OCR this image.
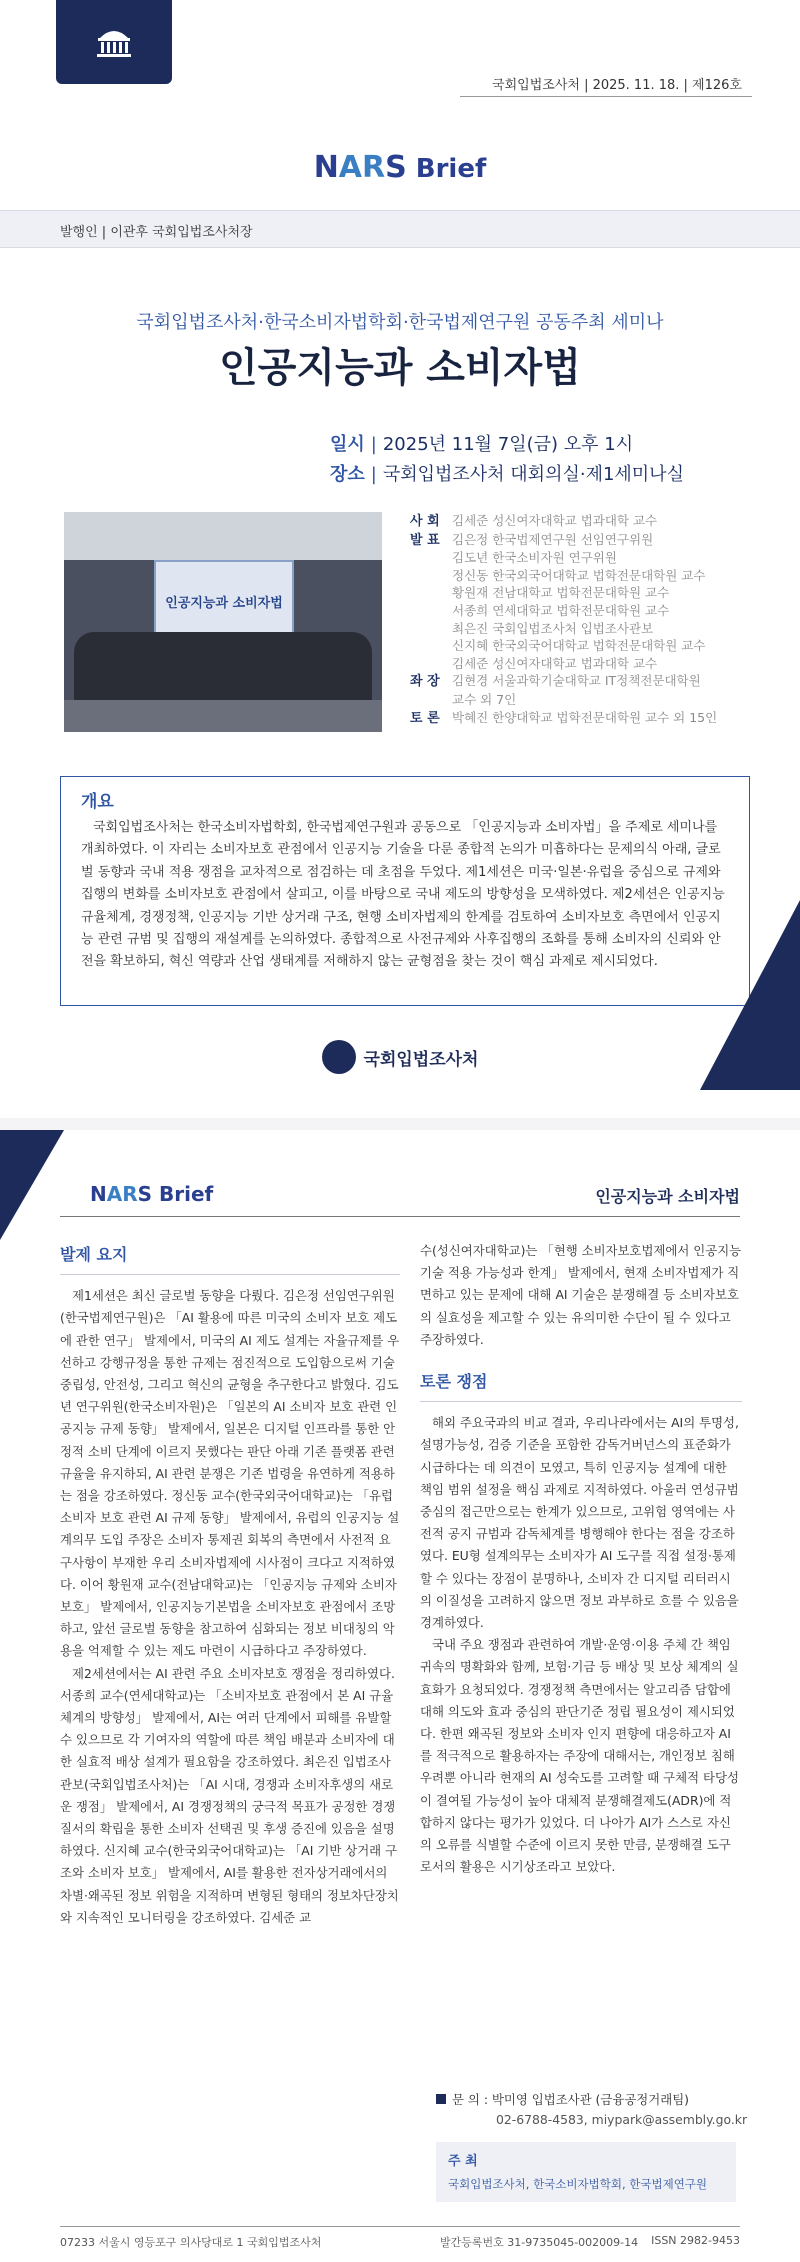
국회입법조사처 | 2025. 11. 18. | 제126호
NARS Brief
발행인 | 이관후 국회입법조사처장
국회입법조사처·한국소비자법학회·한국법제연구원 공동주최 세미나
인공지능과 소비자법
일시 | 2025년 11월 7일(금) 오후 1시
장소 | 국회입법조사처 대회의실·제1세미나실
인공지능과 소비자법
사 회 김세준 성신여자대학교 법과대학 교수
발 표 김은정 한국법제연구원 선임연구위원
김도년 한국소비자원 연구위원
정신동 한국외국어대학교 법학전문대학원 교수
황원재 전남대학교 법학전문대학원 교수
서종희 연세대학교 법학전문대학원 교수
최은진 국회입법조사처 입법조사관보
신지혜 한국외국어대학교 법학전문대학원 교수
김세준 성신여자대학교 법과대학 교수
좌 장 김현경 서울과학기술대학교 IT정책전문대학원
교수 외 7인
토 론 박혜진 한양대학교 법학전문대학원 교수 외 15인
개요

국회입법조사처는 한국소비자법학회, 한국법제연구원과 공동으로 「인공지능과 소비자법」을 주제로 세미나를 개최하였다. 이 자리는 소비자보호 관점에서 인공지능 기술을 다룬 종합적 논의가 미흡하다는 문제의식 아래, 글로벌 동향과 국내 적용 쟁점을 교차적으로 점검하는 데 초점을 두었다. 제1세션은 미국·일본·유럽을 중심으로 규제와 집행의 변화를 소비자보호 관점에서 살피고, 이를 바탕으로 국내 제도의 방향성을 모색하였다. 제2세션은 인공지능 규율체계, 경쟁정책, 인공지능 기반 상거래 구조, 현행 소비자법제의 한계를 검토하여 소비자보호 측면에서 인공지능 관련 규범 및 집행의 재설계를 논의하였다. 종합적으로 사전규제와 사후집행의 조화를 통해 소비자의 신뢰와 안전을 확보하되, 혁신 역량과 산업 생태계를 저해하지 않는 균형점을 찾는 것이 핵심 과제로 제시되었다.

국회입법조사처
NARS Brief	인공지능과 소비자법
발제 요지

제1세션은 최신 글로벌 동향을 다뤘다. 김은정 선임연구위원(한국법제연구원)은 「AI 활용에 따른 미국의 소비자 보호 제도에 관한 연구」 발제에서, 미국의 AI 제도 설계는 자율규제를 우선하고 강행규정을 통한 규제는 점진적으로 도입함으로써 기술중립성, 안전성, 그리고 혁신의 균형을 추구한다고 밝혔다. 김도년 연구위원(한국소비자원)은 「일본의 AI 소비자 보호 관련 인공지능 규제 동향」 발제에서, 일본은 디지털 인프라를 통한 안정적 소비 단계에 이르지 못했다는 판단 아래 기존 플랫폼 관련 규율을 유지하되, AI 관련 분쟁은 기존 법령을 유연하게 적용하는 점을 강조하였다. 정신동 교수(한국외국어대학교)는 「유럽 소비자 보호 관련 AI 규제 동향」 발제에서, 유럽의 인공지능 설계의무 도입 주장은 소비자 통제권 회복의 측면에서 사전적 요구사항이 부재한 우리 소비자법제에 시사점이 크다고 지적하였다. 이어 황원재 교수(전남대학교)는 「인공지능 규제와 소비자 보호」 발제에서, 인공지능기본법을 소비자보호 관점에서 조망하고, 앞선 글로벌 동향을 참고하여 심화되는 정보 비대칭의 악용을 억제할 수 있는 제도 마련이 시급하다고 주장하였다.

제2세션에서는 AI 관련 주요 소비자보호 쟁점을 정리하였다. 서종희 교수(연세대학교)는 「소비자보호 관점에서 본 AI 규율체계의 방향성」 발제에서, AI는 여러 단계에서 피해를 유발할 수 있으므로 각 기여자의 역할에 따른 책임 배분과 소비자에 대한 실효적 배상 설계가 필요함을 강조하였다. 최은진 입법조사관보(국회입법조사처)는 「AI 시대, 경쟁과 소비자후생의 새로운 쟁점」 발제에서, AI 경쟁정책의 궁극적 목표가 공정한 경쟁질서의 확립을 통한 소비자 선택권 및 후생 증진에 있음을 설명하였다. 신지혜 교수(한국외국어대학교)는 「AI 기반 상거래 구조와 소비자 보호」 발제에서, AI를 활용한 전자상거래에서의 차별·왜곡된 정보 위험을 지적하며 변형된 형태의 정보차단장치와 지속적인 모니터링을 강조하였다. 김세준 교

수(성신여자대학교)는 「현행 소비자보호법제에서 인공지능 기술 적용 가능성과 한계」 발제에서, 현재 소비자법제가 직면하고 있는 문제에 대해 AI 기술은 분쟁해결 등 소비자보호의 실효성을 제고할 수 있는 유의미한 수단이 될 수 있다고 주장하였다.

토론 쟁점

해외 주요국과의 비교 결과, 우리나라에서는 AI의 투명성, 설명가능성, 검증 기준을 포함한 감독거버넌스의 표준화가 시급하다는 데 의견이 모였고, 특히 인공지능 설계에 대한 책임 범위 설정을 핵심 과제로 지적하였다. 아울러 연성규범 중심의 접근만으로는 한계가 있으므로, 고위험 영역에는 사전적 공지 규범과 감독체계를 병행해야 한다는 점을 강조하였다. EU형 설계의무는 소비자가 AI 도구를 직접 설정·통제할 수 있다는 장점이 분명하나, 소비자 간 디지털 리터러시의 이질성을 고려하지 않으면 정보 과부하로 흐를 수 있음을 경계하였다.

국내 주요 쟁점과 관련하여 개발·운영·이용 주체 간 책임 귀속의 명확화와 함께, 보험·기금 등 배상 및 보상 체계의 실효화가 요청되었다. 경쟁정책 측면에서는 알고리즘 담합에 대해 의도와 효과 중심의 판단기준 정립 필요성이 제시되었다. 한편 왜곡된 정보와 소비자 인지 편향에 대응하고자 AI를 적극적으로 활용하자는 주장에 대해서는, 개인정보 침해 우려뿐 아니라 현재의 AI 성숙도를 고려할 때 구체적 타당성이 결여될 가능성이 높아 대체적 분쟁해결제도(ADR)에 적합하지 않다는 평가가 있었다. 더 나아가 AI가 스스로 자신의 오류를 식별할 수준에 이르지 못한 만큼, 분쟁해결 도구로서의 활용은 시기상조라고 보았다.

문 의 : 박미영 입법조사관 (금융공정거래팀)
02-6788-4583, miypark@assembly.go.kr
주 최
국회입법조사처, 한국소비자법학회, 한국법제연구원
07233 서울시 영등포구 의사당대로 1 국회입법조사처	발간등록번호 31-9735045-002009-14 ISSN 2982-9453
